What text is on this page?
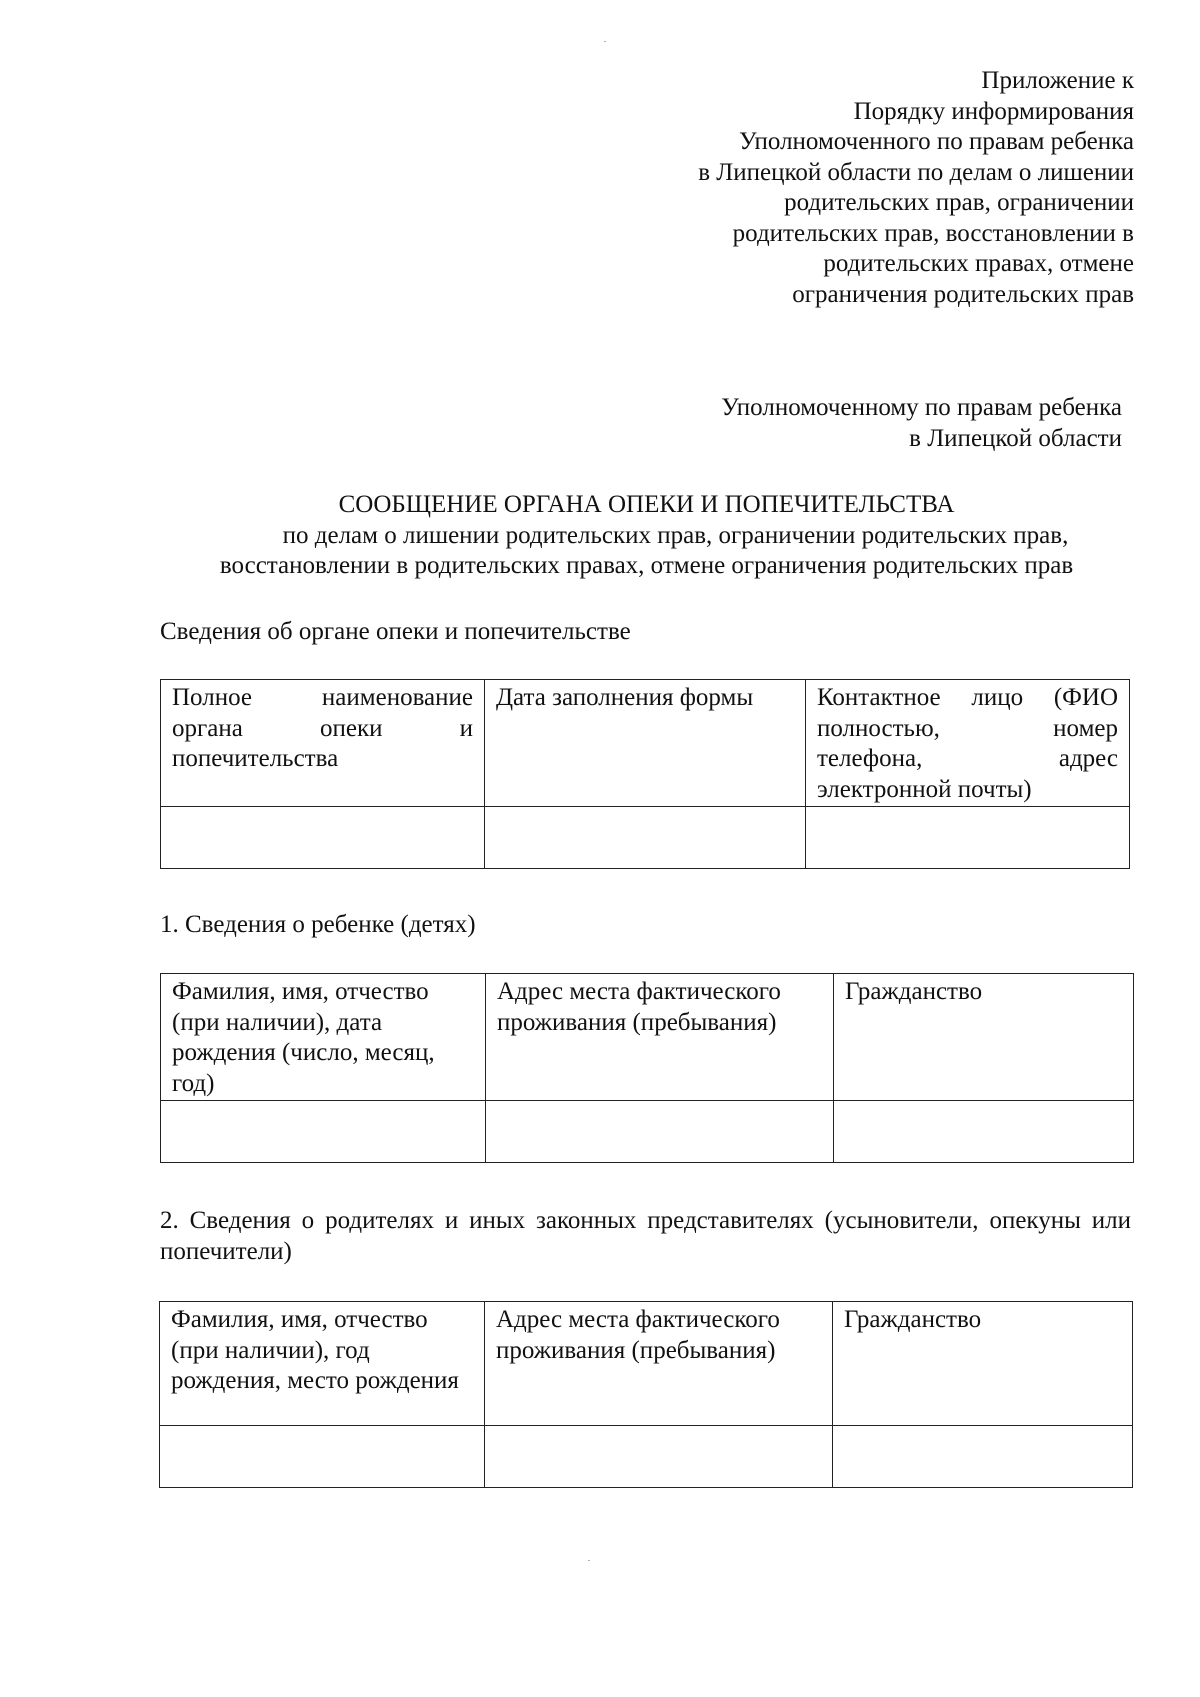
Приложение к
Порядку информирования
Уполномоченного по правам ребенка
в Липецкой области по делам о лишении
родительских прав, ограничении
родительских прав, восстановлении в
родительских правах, отмене
ограничения родительских прав
Уполномоченному по правам ребенка
в Липецкой области
СООБЩЕНИЕ ОРГАНА ОПЕКИ И ПОПЕЧИТЕЛЬСТВА
по делам о лишении родительских прав, ограничении родительских прав,
восстановлении в родительских правах, отмене ограничения родительских прав
Сведения об органе опеки и попечительстве
Полное наименование органа опеки и попечительства	Дата заполнения формы	Контактное лицо (ФИО полностью, номер телефона, адрес электронной почты)

1. Сведения о ребенке (детях)
Фамилия, имя, отчество (при наличии), дата рождения (число, месяц, год)	Адрес места фактического проживания (пребывания)	Гражданство

2. Сведения о родителях и иных законных представителях (усыновители, опекуны или попечители)
Фамилия, имя, отчество (при наличии), год рождения, место рождения	Адрес места фактического проживания (пребывания)	Гражданство
